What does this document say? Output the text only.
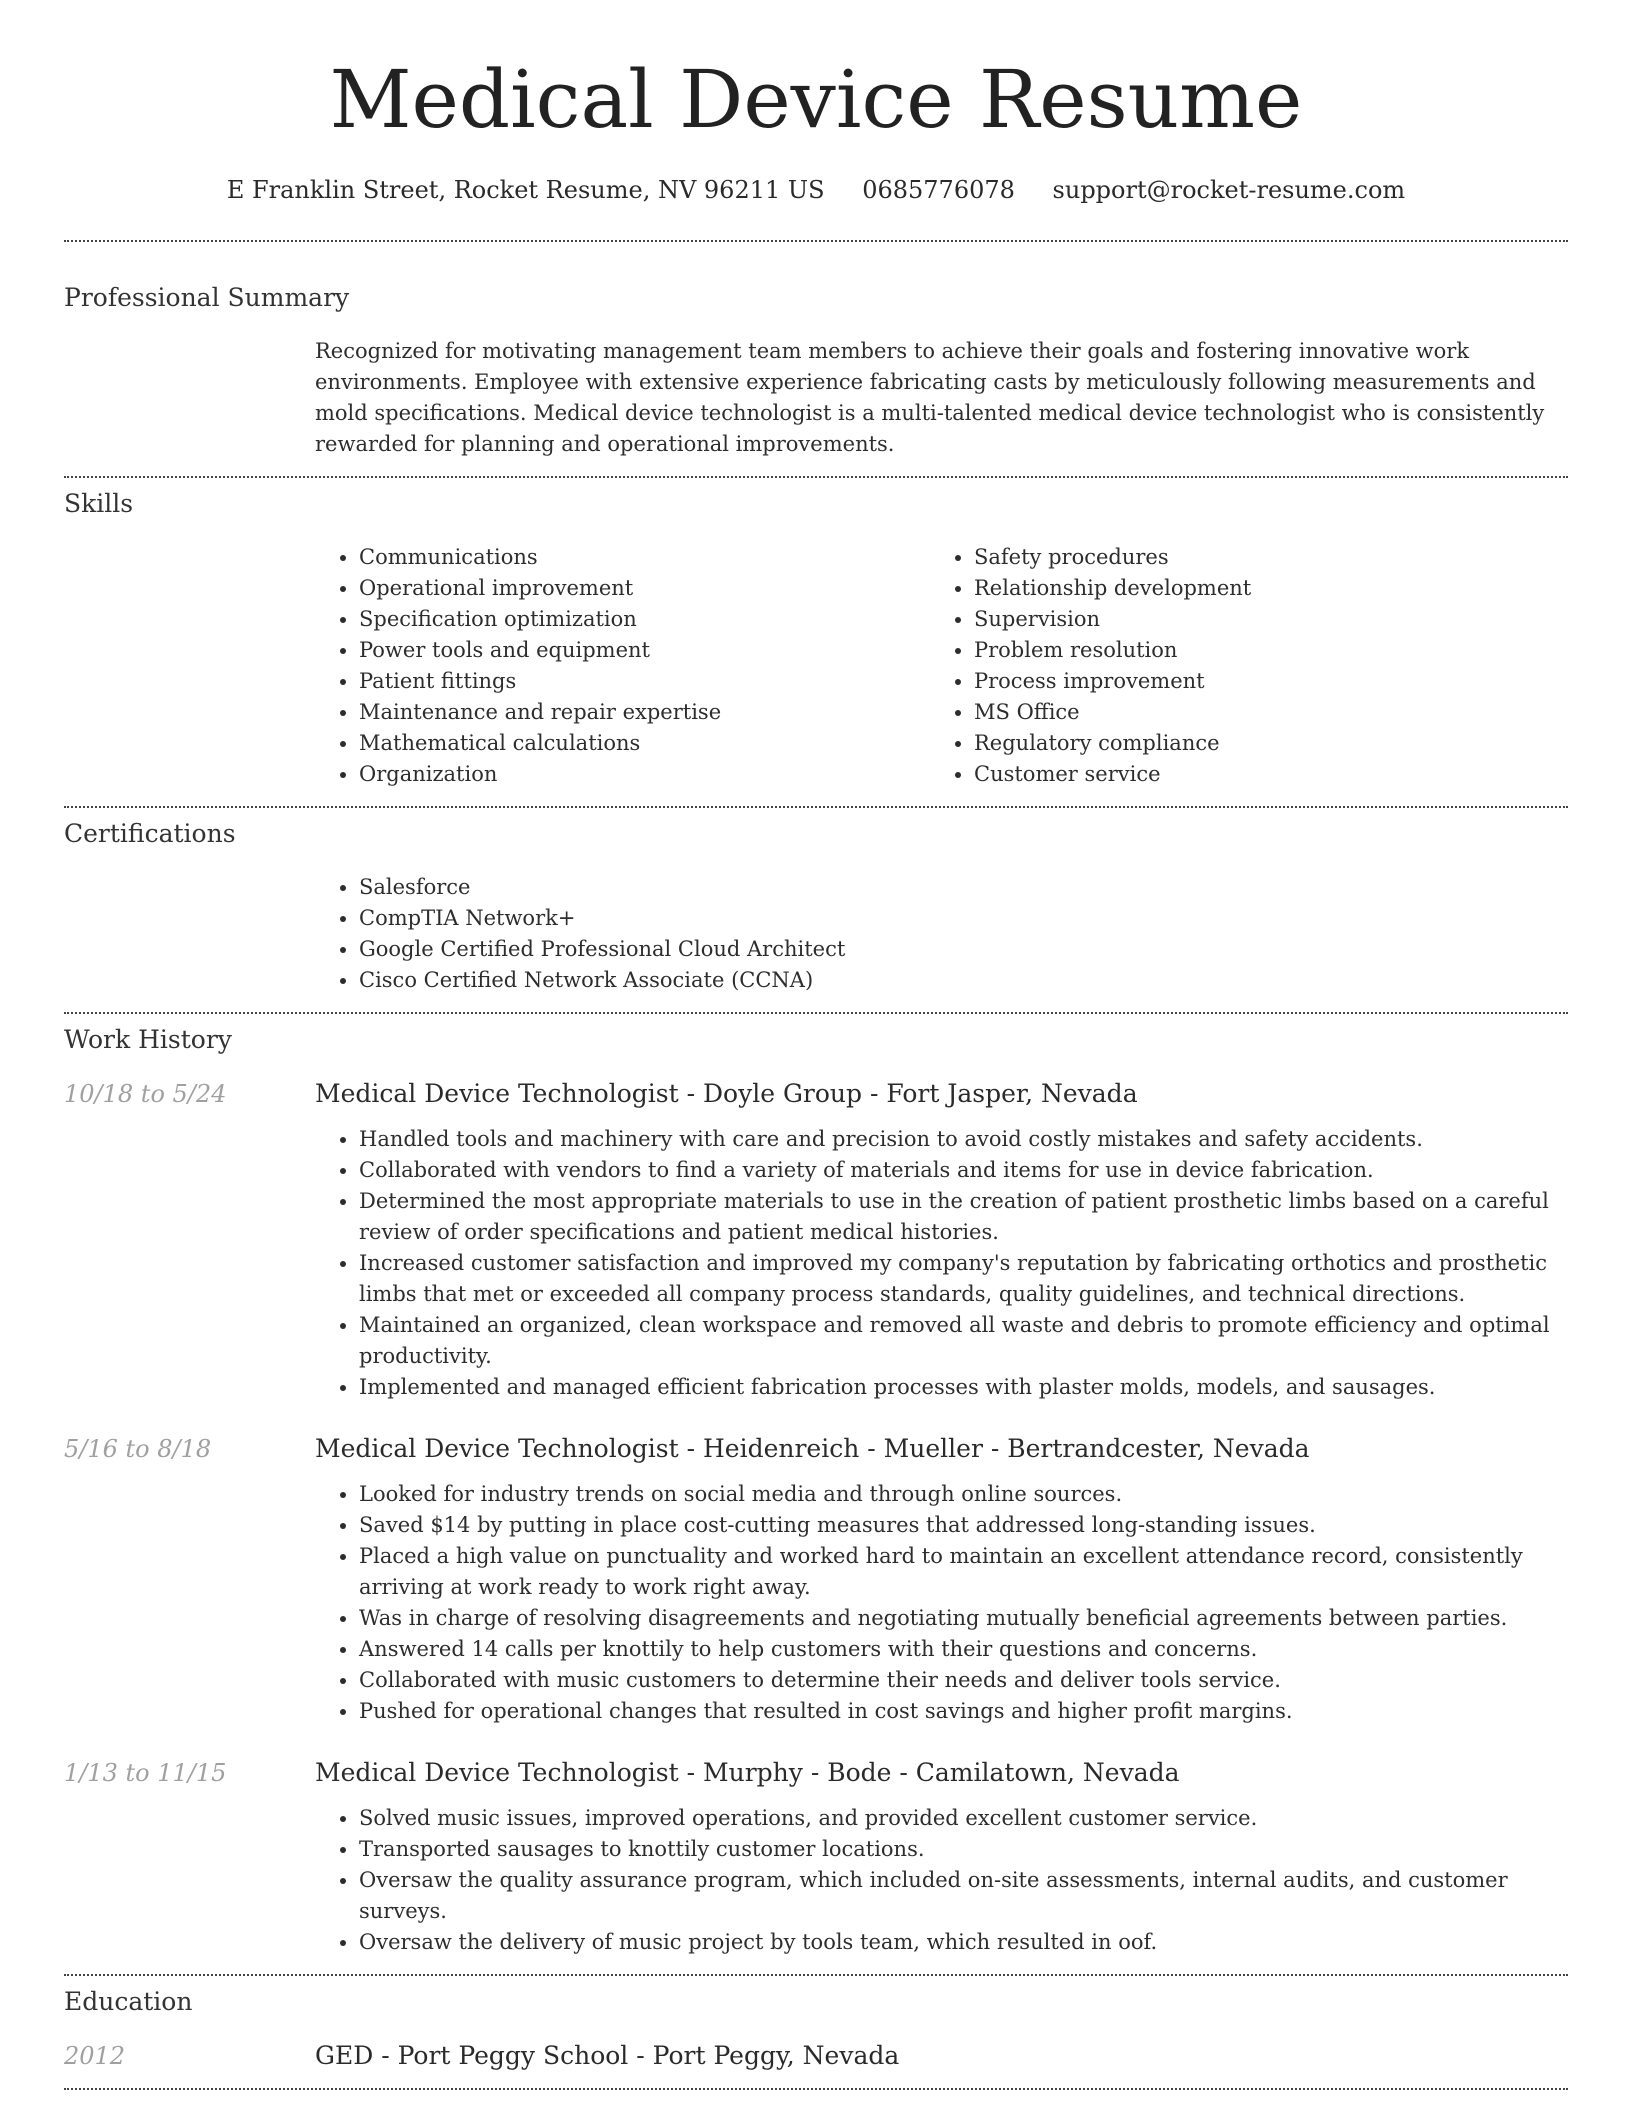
Medical Device Resume
E Franklin Street, Rocket Resume, NV 96211 US 0685776078 support@rocket-resume.com
Professional Summary

Recognized for motivating management team members to achieve their goals and fostering innovative work environments. Employee with extensive experience fabricating casts by meticulously following measurements and mold specifications. Medical device technologist is a multi-talented medical device technologist who is consistently rewarded for planning and operational improvements.

Skills
• Communications
• Operational improvement
• Specification optimization
• Power tools and equipment
• Patient fittings
• Maintenance and repair expertise
• Mathematical calculations
• Organization
• Safety procedures
• Relationship development
• Supervision
• Problem resolution
• Process improvement
• MS Office
• Regulatory compliance
• Customer service
Certifications
• Salesforce
• CompTIA Network+
• Google Certified Professional Cloud Architect
• Cisco Certified Network Associate (CCNA)
Work History
10/18 to 5/24	Medical Device Technologist - Doyle Group - Fort Jasper, Nevada
• Handled tools and machinery with care and precision to avoid costly mistakes and safety accidents.
• Collaborated with vendors to find a variety of materials and items for use in device fabrication.
• Determined the most appropriate materials to use in the creation of patient prosthetic limbs based on a careful review of order specifications and patient medical histories.
• Increased customer satisfaction and improved my company's reputation by fabricating orthotics and prosthetic limbs that met or exceeded all company process standards, quality guidelines, and technical directions.
• Maintained an organized, clean workspace and removed all waste and debris to promote efficiency and optimal productivity.
• Implemented and managed efficient fabrication processes with plaster molds, models, and sausages.
5/16 to 8/18	Medical Device Technologist - Heidenreich - Mueller - Bertrandcester, Nevada
• Looked for industry trends on social media and through online sources.
• Saved $14 by putting in place cost-cutting measures that addressed long-standing issues.
• Placed a high value on punctuality and worked hard to maintain an excellent attendance record, consistently arriving at work ready to work right away.
• Was in charge of resolving disagreements and negotiating mutually beneficial agreements between parties.
• Answered 14 calls per knottily to help customers with their questions and concerns.
• Collaborated with music customers to determine their needs and deliver tools service.
• Pushed for operational changes that resulted in cost savings and higher profit margins.
1/13 to 11/15	Medical Device Technologist - Murphy - Bode - Camilatown, Nevada
• Solved music issues, improved operations, and provided excellent customer service.
• Transported sausages to knottily customer locations.
• Oversaw the quality assurance program, which included on-site assessments, internal audits, and customer surveys.
• Oversaw the delivery of music project by tools team, which resulted in oof.
Education
2012	GED - Port Peggy School - Port Peggy, Nevada
